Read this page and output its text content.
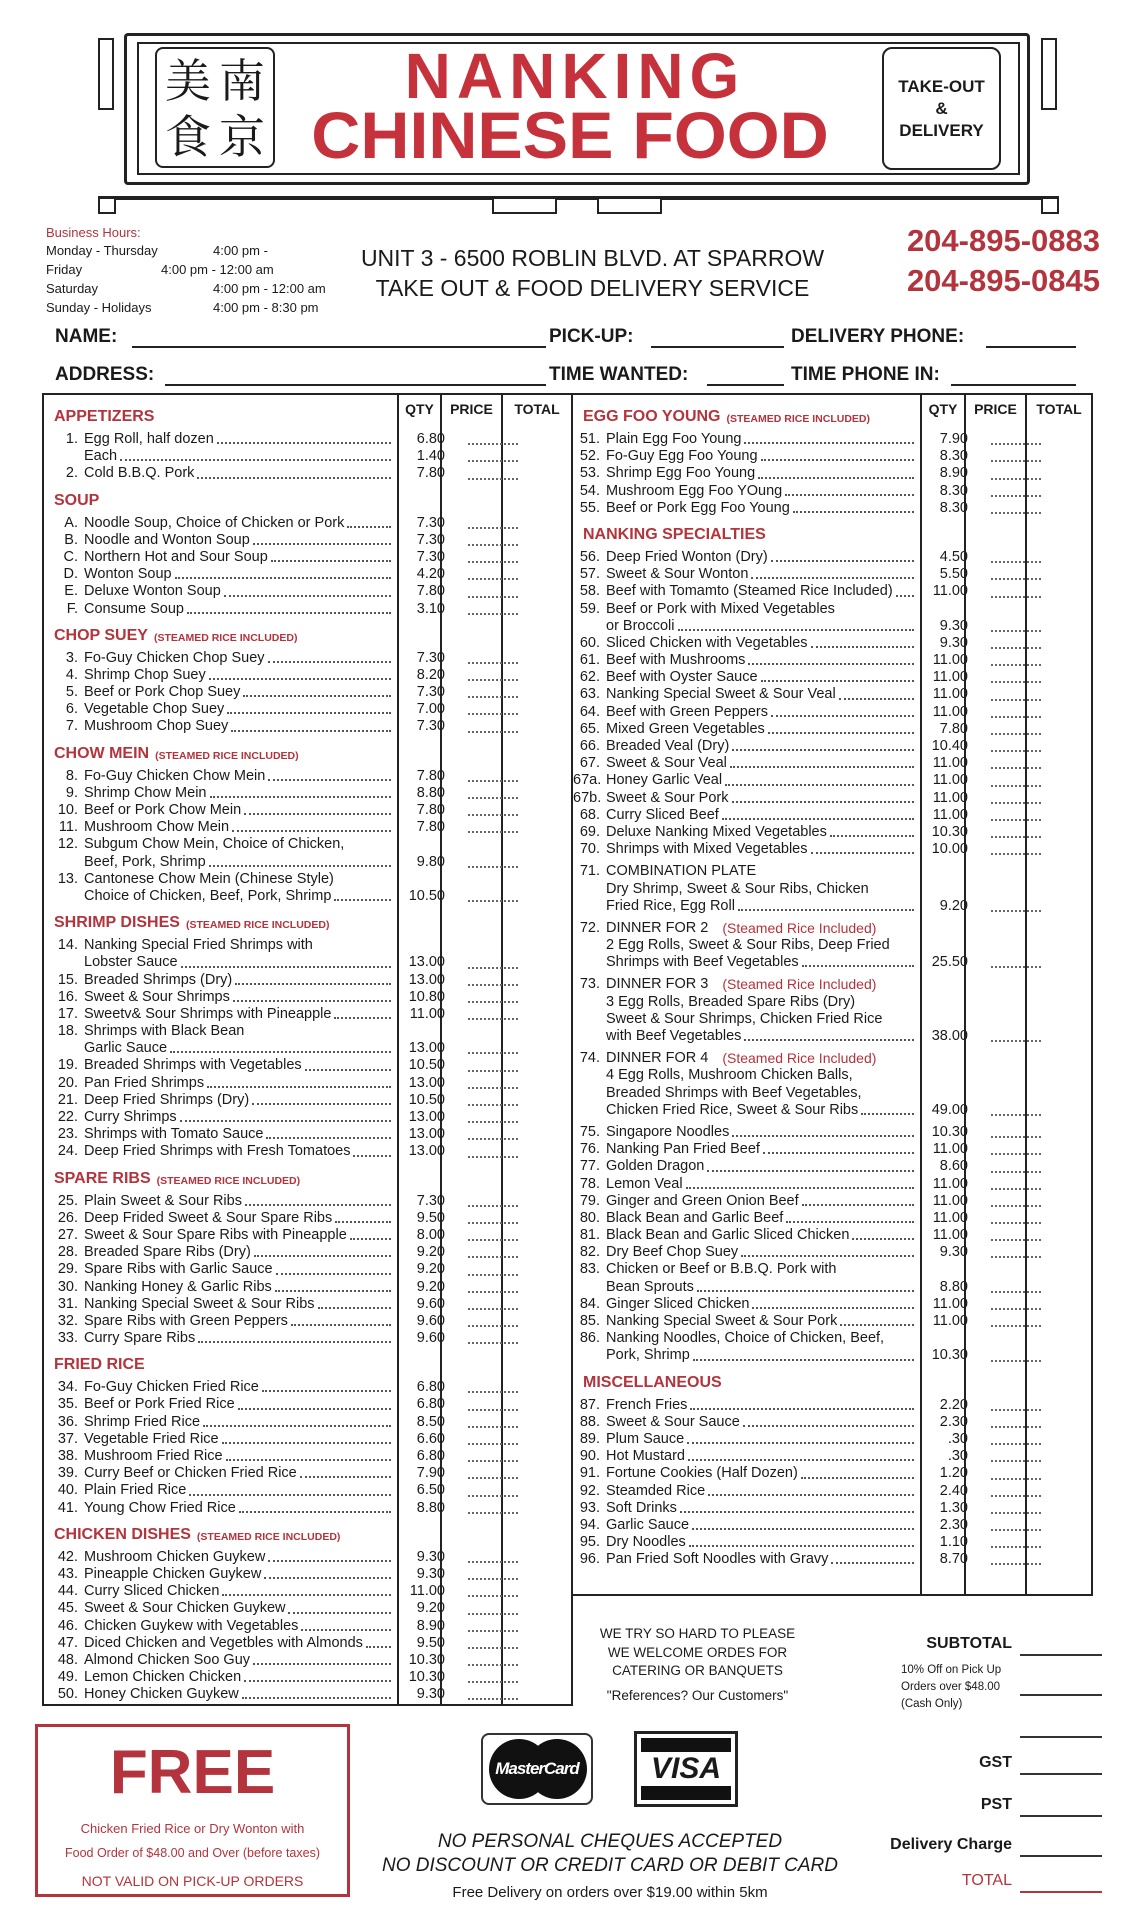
美 南
食 京
NANKING
CHINESE FOOD
TAKE-OUT
&
DELIVERY
Business Hours:
Monday - Thursday	4:00 pm -
Friday	4:00 pm - 12:00 am
Saturday	4:00 pm - 12:00 am
Sunday - Holidays	4:00 pm - 8:30 pm
UNIT 3 - 6500 ROBLIN BLVD. AT SPARROW
TAKE OUT & FOOD DELIVERY SERVICE
204-895-0883
204-895-0845
NAME:	PICK-UP:	DELIVERY PHONE:
ADDRESS:	TIME WANTED:	TIME PHONE IN:
QTY	PRICE	TOTAL
APPETIZERS
1. Egg Roll, half dozen	6.80
Each	1.40
2. Cold B.B.Q. Pork	7.80
SOUP
A. Noodle Soup, Choice of Chicken or Pork	7.30
B. Noodle and Wonton Soup	7.30
C. Northern Hot and Sour Soup	7.30
D. Wonton Soup	4.20
E. Deluxe Wonton Soup	7.80
F. Consume Soup	3.10
CHOP SUEY (STEAMED RICE INCLUDED)
3. Fo-Guy Chicken Chop Suey	7.30
4. Shrimp Chop Suey	8.20
5. Beef or Pork Chop Suey	7.30
6. Vegetable Chop Suey	7.00
7. Mushroom Chop Suey	7.30
CHOW MEIN (STEAMED RICE INCLUDED)
8. Fo-Guy Chicken Chow Mein	7.80
9. Shrimp Chow Mein	8.80
10. Beef or Pork Chow Mein	7.80
11. Mushroom Chow Mein	7.80
12. Subgum Chow Mein, Choice of Chicken,
Beef, Pork, Shrimp	9.80
13. Cantonese Chow Mein (Chinese Style)
Choice of Chicken, Beef, Pork, Shrimp	10.50
SHRIMP DISHES (STEAMED RICE INCLUDED)
14. Nanking Special Fried Shrimps with
Lobster Sauce	13.00
15. Breaded Shrimps (Dry)	13.00
16. Sweet & Sour Shrimps	10.80
17. Sweetv& Sour Shrimps with Pineapple	11.00
18. Shrimps with Black Bean
Garlic Sauce	13.00
19. Breaded Shrimps with Vegetables	10.50
20. Pan Fried Shrimps	13.00
21. Deep Fried Shrimps (Dry)	10.50
22. Curry Shrimps	13.00
23. Shrimps with Tomato Sauce	13.00
24. Deep Fried Shrimps with Fresh Tomatoes	13.00
SPARE RIBS (STEAMED RICE INCLUDED)
25. Plain Sweet & Sour Ribs	7.30
26. Deep Frided Sweet & Sour Spare Ribs	9.50
27. Sweet & Sour Spare Ribs with Pineapple	8.00
28. Breaded Spare Ribs (Dry)	9.20
29. Spare Ribs with Garlic Sauce	9.20
30. Nanking Honey & Garlic Ribs	9.20
31. Nanking Special Sweet & Sour Ribs	9.60
32. Spare Ribs with Green Peppers	9.60
33. Curry Spare Ribs	9.60
FRIED RICE
34. Fo-Guy Chicken Fried Rice	6.80
35. Beef or Pork Fried Rice	6.80
36. Shrimp Fried Rice	8.50
37. Vegetable Fried Rice	6.60
38. Mushroom Fried Rice	6.80
39. Curry Beef or Chicken Fried Rice	7.90
40. Plain Fried Rice	6.50
41. Young Chow Fried Rice	8.80
CHICKEN DISHES (STEAMED RICE INCLUDED)
42. Mushroom Chicken Guykew	9.30
43. Pineapple Chicken Guykew	9.30
44. Curry Sliced Chicken	11.00
45. Sweet & Sour Chicken Guykew	9.20
46. Chicken Guykew with Vegetables	8.90
47. Diced Chicken and Vegetbles with Almonds	9.50
48. Almond Chicken Soo Guy	10.30
49. Lemon Chicken Chicken	10.30
50. Honey Chicken Guykew	9.30
QTY	PRICE	TOTAL
EGG FOO YOUNG (STEAMED RICE INCLUDED)
51. Plain Egg Foo Young	7.90
52. Fo-Guy Egg Foo Young	8.30
53. Shrimp Egg Foo Young	8.90
54. Mushroom Egg Foo YOung	8.30
55. Beef or Pork Egg Foo Young	8.30
NANKING SPECIALTIES
56. Deep Fried Wonton (Dry)	4.50
57. Sweet & Sour Wonton	5.50
58. Beef with Tomamto (Steamed Rice Included)	11.00
59. Beef or Pork with Mixed Vegetables
or Broccoli	9.30
60. Sliced Chicken with Vegetables	9.30
61. Beef with Mushrooms	11.00
62. Beef with Oyster Sauce	11.00
63. Nanking Special Sweet & Sour Veal	11.00
64. Beef with Green Peppers	11.00
65. Mixed Green Vegetables	7.80
66. Breaded Veal (Dry)	10.40
67. Sweet & Sour Veal	11.00
67a. Honey Garlic Veal	11.00
67b. Sweet & Sour Pork	11.00
68. Curry Sliced Beef	11.00
69. Deluxe Nanking Mixed Vegetables	10.30
70. Shrimps with Mixed Vegetables	10.00
71. COMBINATION PLATE
Dry Shrimp, Sweet & Sour Ribs, Chicken
Fried Rice, Egg Roll	9.20
72. DINNER FOR 2 (Steamed Rice Included)
2 Egg Rolls, Sweet & Sour Ribs, Deep Fried
Shrimps with Beef Vegetables	25.50
73. DINNER FOR 3 (Steamed Rice Included)
3 Egg Rolls, Breaded Spare Ribs (Dry)
Sweet & Sour Shrimps, Chicken Fried Rice
with Beef Vegetables	38.00
74. DINNER FOR 4 (Steamed Rice Included)
4 Egg Rolls, Mushroom Chicken Balls,
Breaded Shrimps with Beef Vegetables,
Chicken Fried Rice, Sweet & Sour Ribs	49.00
75. Singapore Noodles	10.30
76. Nanking Pan Fried Beef	11.00
77. Golden Dragon	8.60
78. Lemon Veal	11.00
79. Ginger and Green Onion Beef	11.00
80. Black Bean and Garlic Beef	11.00
81. Black Bean and Garlic Sliced Chicken	11.00
82. Dry Beef Chop Suey	9.30
83. Chicken or Beef or B.B.Q. Pork with
Bean Sprouts	8.80
84. Ginger Sliced Chicken	11.00
85. Nanking Special Sweet & Sour Pork	11.00
86. Nanking Noodles, Choice of Chicken, Beef,
Pork, Shrimp	10.30
MISCELLANEOUS
87. French Fries	2.20
88. Sweet & Sour Sauce	2.30
89. Plum Sauce	.30
90. Hot Mustard	.30
91. Fortune Cookies (Half Dozen)	1.20
92. Steamded Rice	2.40
93. Soft Drinks	1.30
94. Garlic Sauce	2.30
95. Dry Noodles	1.10
96. Pan Fried Soft Noodles with Gravy	8.70
WE TRY SO HARD TO PLEASE
WE WELCOME ORDES FOR
CATERING OR BANQUETS
"References? Our Customers"
SUBTOTAL
10% Off on Pick Up
Orders over $48.00
(Cash Only)
GST
PST
Delivery Charge
TOTAL
FREE
Chicken Fried Rice or Dry Wonton with
Food Order of $48.00 and Over (before taxes)
NOT VALID ON PICK-UP ORDERS
MasterCard	VISA
NO PERSONAL CHEQUES ACCEPTED
NO DISCOUNT OR CREDIT CARD OR DEBIT CARD
Free Delivery on orders over $19.00 within 5km
